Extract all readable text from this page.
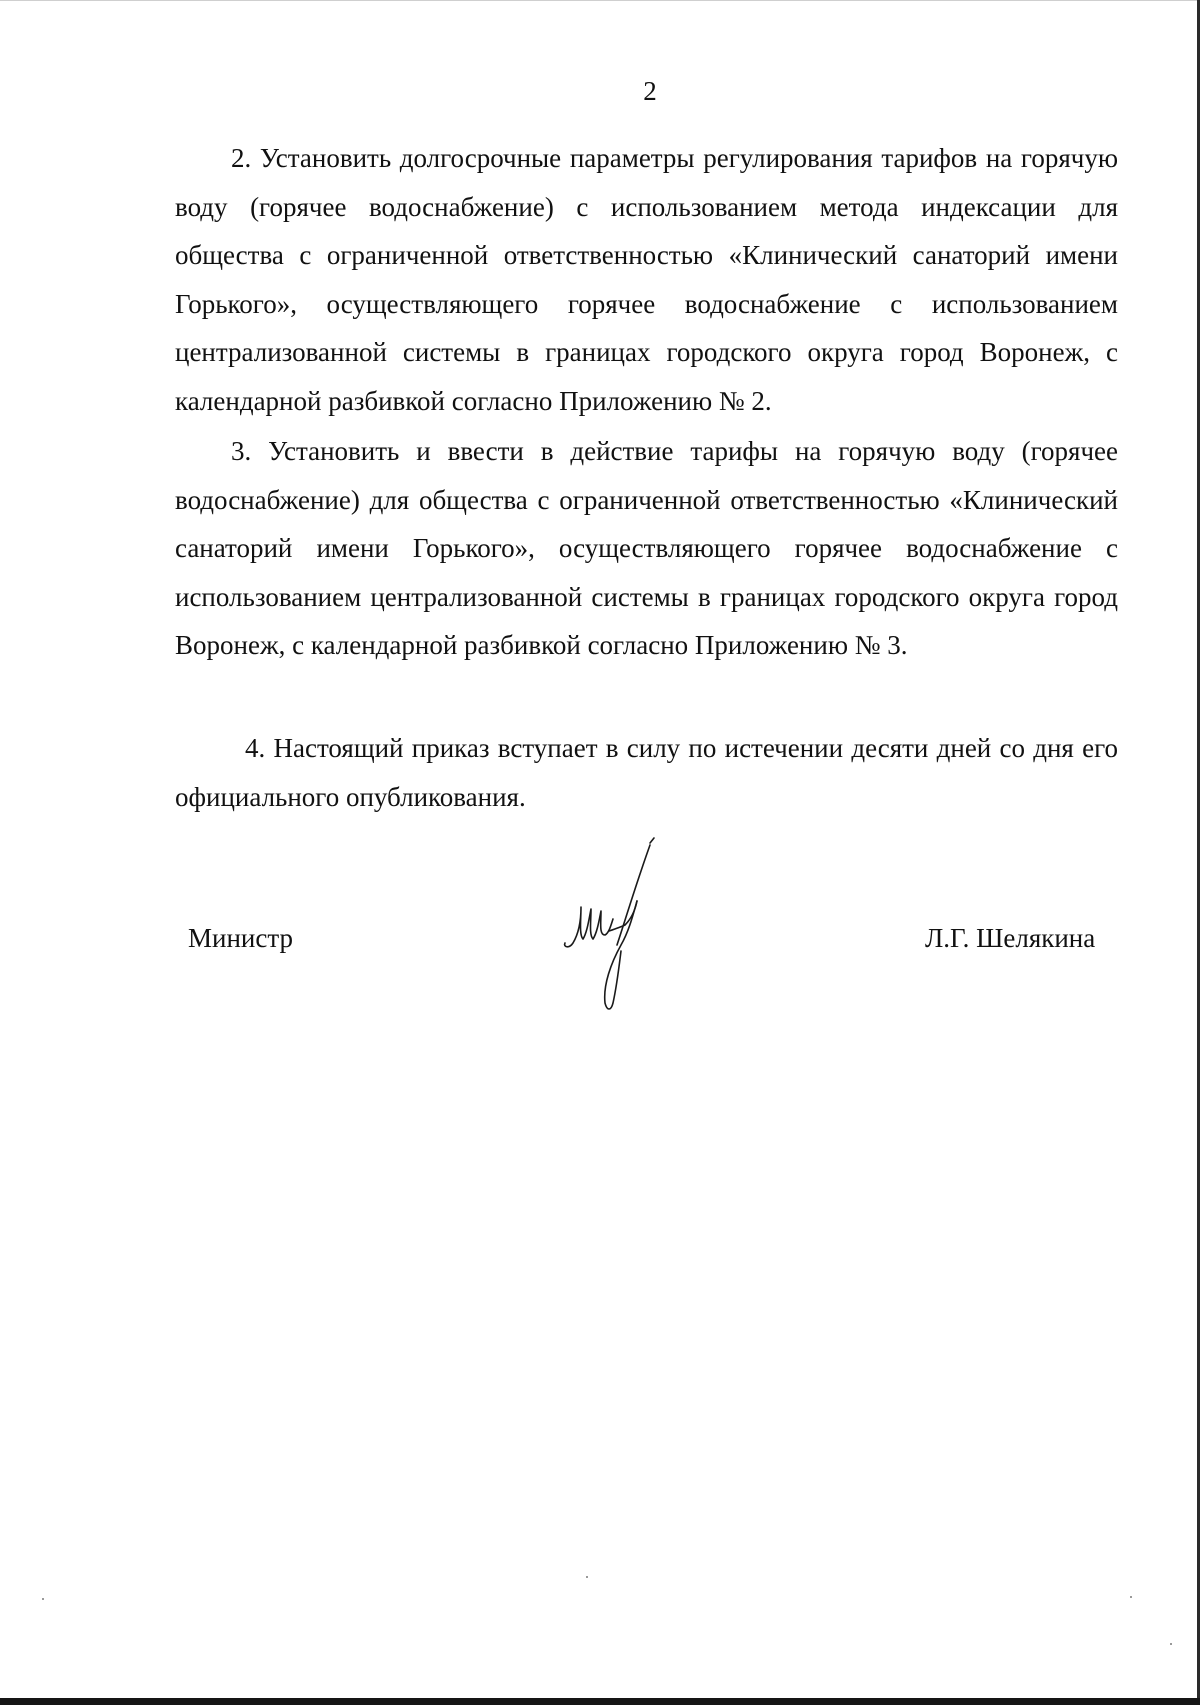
2

2. Установить долгосрочные параметры регулирования тарифов на горячую воду (горячее водоснабжение) с использованием метода индексации для общества с ограниченной ответственностью «Клинический санаторий имени Горького», осуществляющего горячее водоснабжение с использованием централизованной системы в границах городского округа город Воронеж, с календарной разбивкой согласно Приложению № 2.

3. Установить и ввести в действие тарифы на горячую воду (горячее водоснабжение) для общества с ограниченной ответственностью «Клинический санаторий имени Горького», осуществляющего горячее водоснабжение с использованием централизованной системы в границах городского округа город Воронеж, с календарной разбивкой согласно Приложению № 3.

4. Настоящий приказ вступает в силу по истечении десяти дней со дня его официального опубликования.

Министр	Л.Г. Шелякина
